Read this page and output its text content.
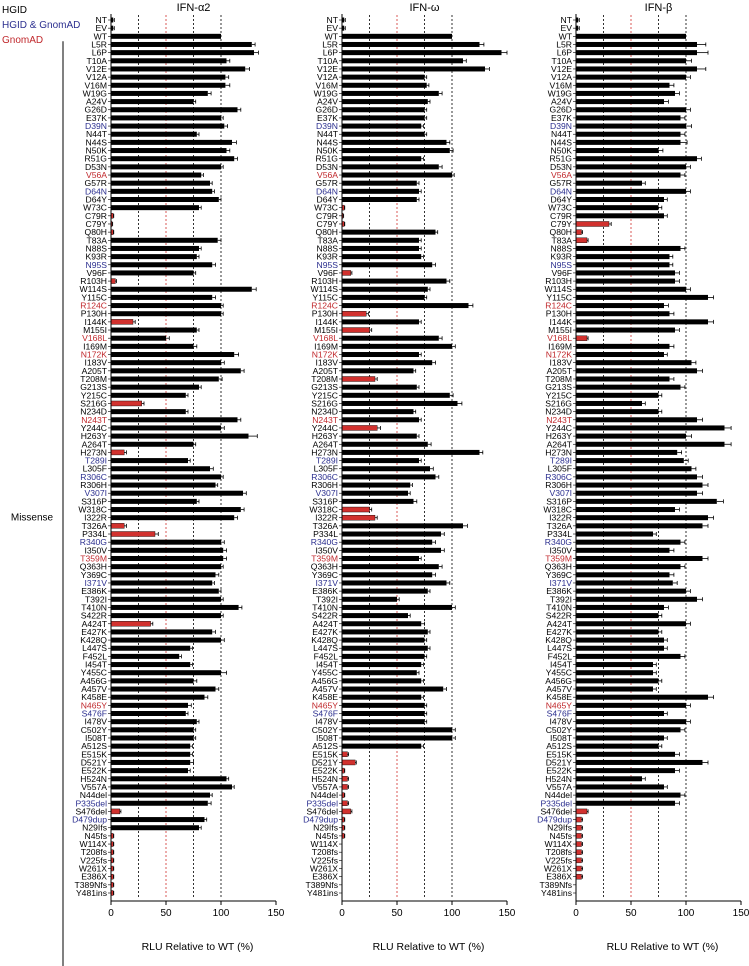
HGID
HGID & GnomAD
GnomAD
Missense
IFN-α2
NT
EV
WT
L5R
L6P
T10A
V12E
V12A
V16M
W19G
A24V
G26D
E37K
D39N
N44T
N44S
N50K
R51G
D53N
V56A
G57R
D64N
D64Y
W73C
C79R
C79Y
Q80H
T83A
N88S
K93R
N95S
V96F
R103H
W114S
Y115C
R124C
P130H
I144K
M155I
V168L
I169M
N172K
I183V
A205T
T208M
G213S
Y215C
S216G
N234D
N243T
Y244C
H263Y
A264T
H273N
T289I
L305F
R306C
R306H
V307I
S316P
W318C
I322R
T326A
P334L
R340G
I350V
T359M
Q363H
Y369C
I371V
E386K
T392I
T410N
S422R
A424T
E427K
K428Q
L447S
F452L
I454T
Y455C
A456G
A457V
K458E
N465Y
S476F
I478V
C502Y
I508T
A512S
E515K
D521Y
E522K
H524N
V557A
N44del
P335del
S476del
D479dup
N29Ifs
N45fs
W114X
T208fs
V225fs
W261X
E386X
T389Nfs
Y481ins
0	50	100	150
RLU Relative to WT (%)
IFN-ω
NT
EV
WT
L5R
L6P
T10A
V12E
V12A
V16M
W19G
A24V
G26D
E37K
D39N
N44T
N44S
N50K
R51G
D53N
V56A
G57R
D64N
D64Y
W73C
C79R
C79Y
Q80H
T83A
N88S
K93R
N95S
V96F
R103H
W114S
Y115C
R124C
P130H
I144K
M155I
V168L
I169M
N172K
I183V
A205T
T208M
G213S
Y215C
S216G
N234D
N243T
Y244C
H263Y
A264T
H273N
T289I
L305F
R306C
R306H
V307I
S316P
W318C
I322R
T326A
P334L
R340G
I350V
T359M
Q363H
Y369C
I371V
E386K
T392I
T410N
S422R
A424T
E427K
K428Q
L447S
F452L
I454T
Y455C
A456G
A457V
K458E
N465Y
S476F
I478V
C502Y
I508T
A512S
E515K
D521Y
E522K
H524N
V557A
N44del
P335del
S476del
D479dup
N29Ifs
N45fs
W114X
T208fs
V225fs
W261X
E386X
T389Nfs
Y481ins
0	50	100	150
RLU Relative to WT (%)
IFN-β
NT
EV
WT
L5R
L6P
T10A
V12E
V12A
V16M
W19G
A24V
G26D
E37K
D39N
N44T
N44S
N50K
R51G
D53N
V56A
G57R
D64N
D64Y
W73C
C79R
C79Y
Q80H
T83A
N88S
K93R
N95S
V96F
R103H
W114S
Y115C
R124C
P130H
I144K
M155I
V168L
I169M
N172K
I183V
A205T
T208M
G213S
Y215C
S216G
N234D
N243T
Y244C
H263Y
A264T
H273N
T289I
L305F
R306C
R306H
V307I
S316P
W318C
I322R
T326A
P334L
R340G
I350V
T359M
Q363H
Y369C
I371V
E386K
T392I
T410N
S422R
A424T
E427K
K428Q
L447S
F452L
I454T
Y455C
A456G
A457V
K458E
N465Y
S476F
I478V
C502Y
I508T
A512S
E515K
D521Y
E522K
H524N
V557A
N44del
P335del
S476del
D479dup
N29Ifs
N45fs
W114X
T208fs
V225fs
W261X
E386X
T389Nfs
Y481ins
0	50	100	150
RLU Relative to WT (%)
